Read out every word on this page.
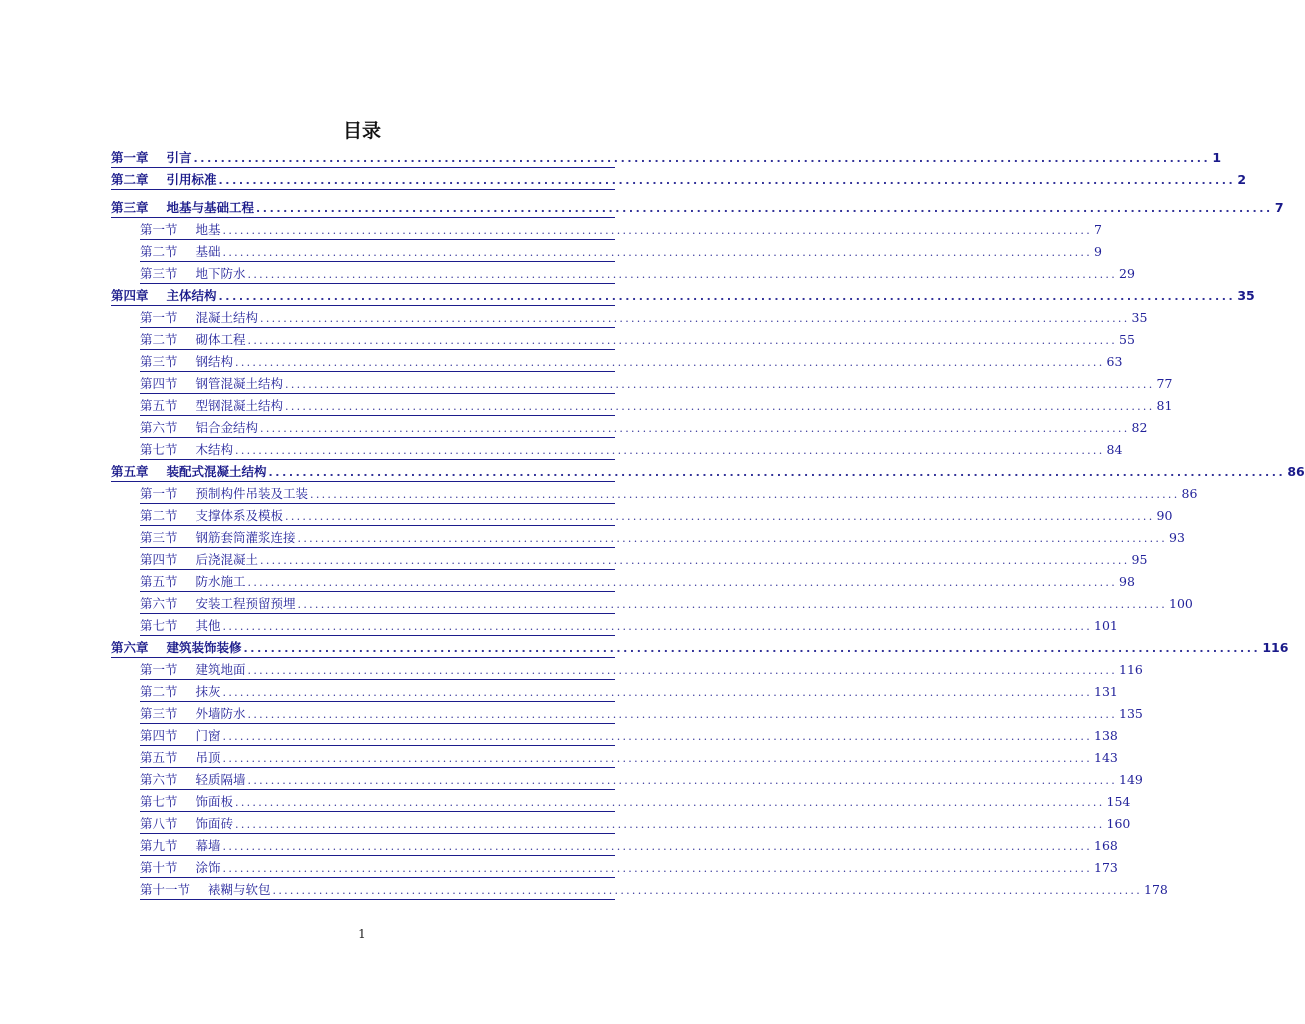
目录
第一章 引言 ...................................................................................................................................................... 1
第二章 引用标准 ...................................................................................................................................................... 2
第三章 地基与基础工程 ...................................................................................................................................................... 7
第一节 地基 ...................................................................................................................................................... 7
第二节 基础 ...................................................................................................................................................... 9
第三节 地下防水 ...................................................................................................................................................... 29
第四章 主体结构 ...................................................................................................................................................... 35
第一节 混凝土结构 ...................................................................................................................................................... 35
第二节 砌体工程 ...................................................................................................................................................... 55
第三节 钢结构 ...................................................................................................................................................... 63
第四节 钢管混凝土结构 ...................................................................................................................................................... 77
第五节 型钢混凝土结构 ...................................................................................................................................................... 81
第六节 铝合金结构 ...................................................................................................................................................... 82
第七节 木结构 ...................................................................................................................................................... 84
第五章 装配式混凝土结构 ...................................................................................................................................................... 86
第一节 预制构件吊装及工装 ...................................................................................................................................................... 86
第二节 支撑体系及模板 ...................................................................................................................................................... 90
第三节 钢筋套筒灌浆连接 ...................................................................................................................................................... 93
第四节 后浇混凝土 ...................................................................................................................................................... 95
第五节 防水施工 ...................................................................................................................................................... 98
第六节 安装工程预留预埋 ...................................................................................................................................................... 100
第七节 其他 ...................................................................................................................................................... 101
第六章 建筑装饰装修 ...................................................................................................................................................... 116
第一节 建筑地面 ...................................................................................................................................................... 116
第二节 抹灰 ...................................................................................................................................................... 131
第三节 外墙防水 ...................................................................................................................................................... 135
第四节 门窗 ...................................................................................................................................................... 138
第五节 吊顶 ...................................................................................................................................................... 143
第六节 轻质隔墙 ...................................................................................................................................................... 149
第七节 饰面板 ...................................................................................................................................................... 154
第八节 饰面砖 ...................................................................................................................................................... 160
第九节 幕墙 ...................................................................................................................................................... 168
第十节 涂饰 ...................................................................................................................................................... 173
第十一节 裱糊与软包 ...................................................................................................................................................... 178
1
